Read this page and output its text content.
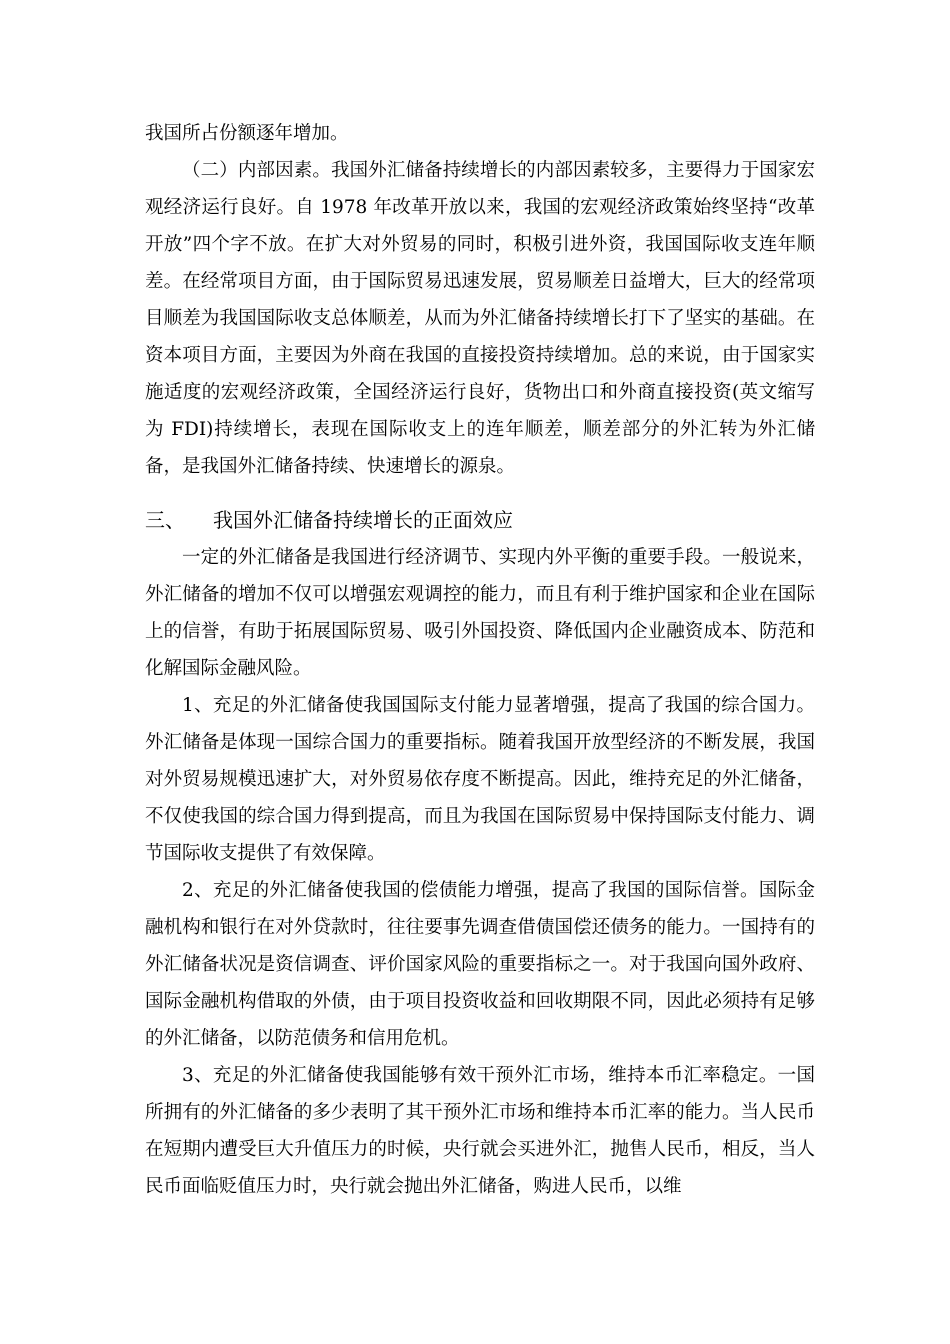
我国所占份额逐年增加。

（二）内部因素。我国外汇储备持续增长的内部因素较多，主要得力于国家宏观经济运行良好。自 1978 年改革开放以来，我国的宏观经济政策始终坚持“改革开放”四个字不放。在扩大对外贸易的同时，积极引进外资，我国国际收支连年顺差。在经常项目方面，由于国际贸易迅速发展，贸易顺差日益增大，巨大的经常项目顺差为我国国际收支总体顺差，从而为外汇储备持续增长打下了坚实的基础。在资本项目方面，主要因为外商在我国的直接投资持续增加。总的来说，由于国家实施适度的宏观经济政策，全国经济运行良好，货物出口和外商直接投资(英文缩写为 FDI)持续增长，表现在国际收支上的连年顺差，顺差部分的外汇转为外汇储备，是我国外汇储备持续、快速增长的源泉。

三、	我国外汇储备持续增长的正面效应

一定的外汇储备是我国进行经济调节、实现内外平衡的重要手段。一般说来，外汇储备的增加不仅可以增强宏观调控的能力，而且有利于维护国家和企业在国际上的信誉，有助于拓展国际贸易、吸引外国投资、降低国内企业融资成本、防范和化解国际金融风险。

1、充足的外汇储备使我国国际支付能力显著增强，提高了我国的综合国力。外汇储备是体现一国综合国力的重要指标。随着我国开放型经济的不断发展，我国对外贸易规模迅速扩大，对外贸易依存度不断提高。因此，维持充足的外汇储备，不仅使我国的综合国力得到提高，而且为我国在国际贸易中保持国际支付能力、调节国际收支提供了有效保障。

2、充足的外汇储备使我国的偿债能力增强，提高了我国的国际信誉。国际金融机构和银行在对外贷款时，往往要事先调查借债国偿还债务的能力。一国持有的外汇储备状况是资信调查、评价国家风险的重要指标之一。对于我国向国外政府、国际金融机构借取的外债，由于项目投资收益和回收期限不同，因此必须持有足够的外汇储备，以防范债务和信用危机。

3、充足的外汇储备使我国能够有效干预外汇市场，维持本币汇率稳定。一国所拥有的外汇储备的多少表明了其干预外汇市场和维持本币汇率的能力。当人民币在短期内遭受巨大升值压力的时候，央行就会买进外汇，抛售人民币，相反，当人民币面临贬值压力时，央行就会抛出外汇储备，购进人民币，以维
